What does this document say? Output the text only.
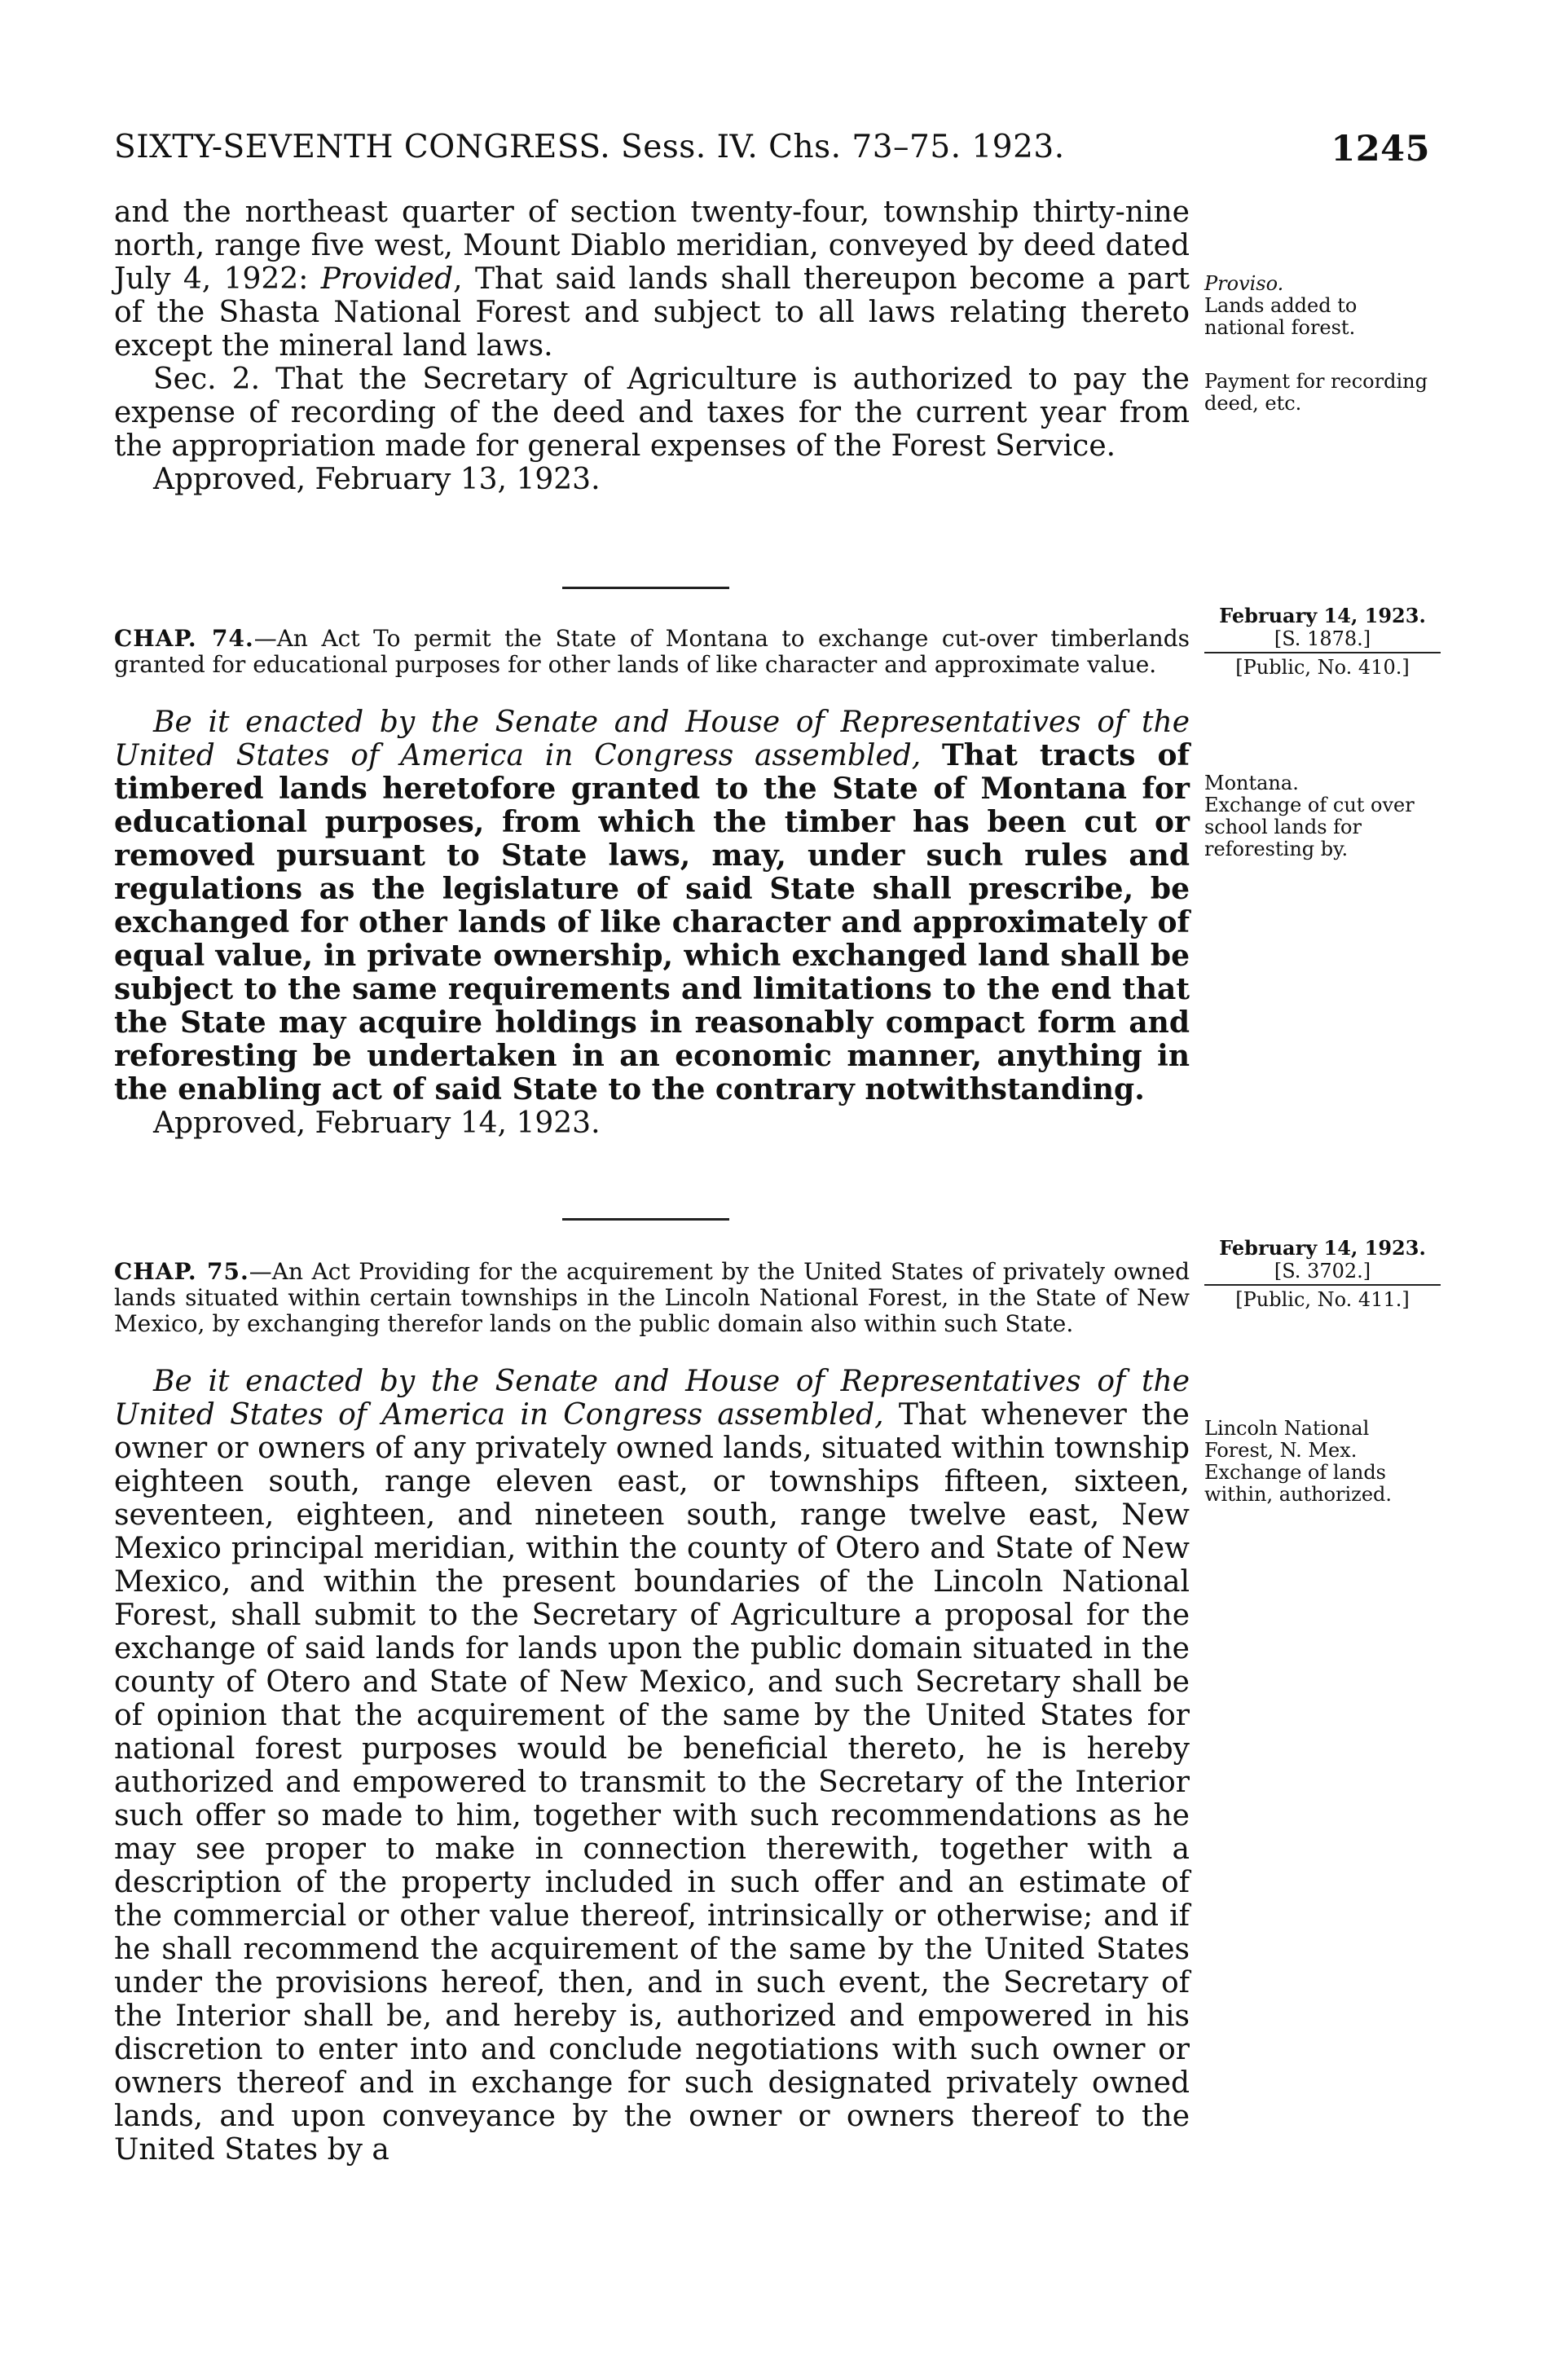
SIXTY-SEVENTH CONGRESS. Sess. IV. Chs. 73–75. 1923.	1245

and the northeast quarter of section twenty-four, township thirty-nine north, range five west, Mount Diablo meridian, conveyed by deed dated July 4, 1922: Provided, That said lands shall thereupon become a part of the Shasta National Forest and subject to all laws relating thereto except the mineral land laws.

Sec. 2. That the Secretary of Agriculture is authorized to pay the expense of recording of the deed and taxes for the current year from the appropriation made for general expenses of the Forest Service.

Approved, February 13, 1923.

Proviso.
Lands added to national forest.
Payment for recording deed, etc.
February 14, 1923.
[S. 1878.]
[Public, No. 410.]

CHAP. 74.—An Act To permit the State of Montana to exchange cut-over timberlands granted for educational purposes for other lands of like character and approximate value.

Be it enacted by the Senate and House of Representatives of the United States of America in Congress assembled, That tracts of timbered lands heretofore granted to the State of Montana for educational purposes, from which the timber has been cut or removed pursuant to State laws, may, under such rules and regulations as the legislature of said State shall prescribe, be exchanged for other lands of like character and approximately of equal value, in private ownership, which exchanged land shall be subject to the same requirements and limitations to the end that the State may acquire holdings in reasonably compact form and reforesting be undertaken in an economic manner, anything in the enabling act of said State to the contrary notwithstanding.

Approved, February 14, 1923.

Montana.
Exchange of cut over school lands for reforesting by.
February 14, 1923.
[S. 3702.]
[Public, No. 411.]

CHAP. 75.—An Act Providing for the acquirement by the United States of privately owned lands situated within certain townships in the Lincoln National Forest, in the State of New Mexico, by exchanging therefor lands on the public domain also within such State.

Be it enacted by the Senate and House of Representatives of the United States of America in Congress assembled, That whenever the owner or owners of any privately owned lands, situated within township eighteen south, range eleven east, or townships fifteen, sixteen, seventeen, eighteen, and nineteen south, range twelve east, New Mexico principal meridian, within the county of Otero and State of New Mexico, and within the present boundaries of the Lincoln National Forest, shall submit to the Secretary of Agriculture a proposal for the exchange of said lands for lands upon the public domain situated in the county of Otero and State of New Mexico, and such Secretary shall be of opinion that the acquirement of the same by the United States for national forest purposes would be beneficial thereto, he is hereby authorized and empowered to transmit to the Secretary of the Interior such offer so made to him, together with such recommendations as he may see proper to make in connection therewith, together with a description of the property included in such offer and an estimate of the commercial or other value thereof, intrinsically or otherwise; and if he shall recommend the acquirement of the same by the United States under the provisions hereof, then, and in such event, the Secretary of the Interior shall be, and hereby is, authorized and empowered in his discretion to enter into and conclude negotiations with such owner or owners thereof and in exchange for such designated privately owned lands, and upon conveyance by the owner or owners thereof to the United States by a

Lincoln National Forest, N. Mex.
Exchange of lands within, authorized.
